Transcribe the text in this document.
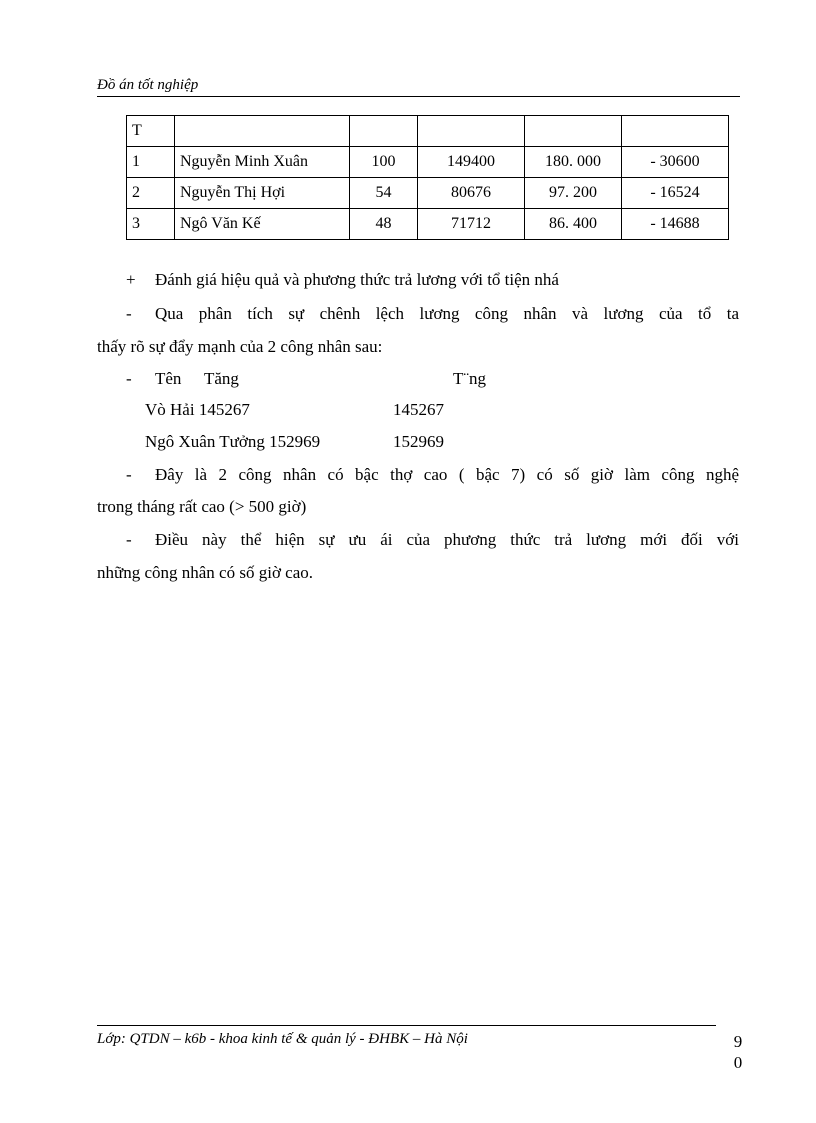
Đồ án tốt nghiệp
T					
1	Nguyễn Minh Xuân	100	149400	180. 000	- 30600
2	Nguyễn Thị Hợi	54	80676	97. 200	- 16524
3	Ngô Văn Kế	48	71712	86. 400	- 14688
+ Đánh giá hiệu quả và phương thức trả lương với tổ tiện nhá
- Qua phân tích sự chênh lệch lương công nhân và lương của tổ ta
thấy rõ sự đẩy mạnh của 2 công nhân sau:
- Tên Tăng	T¨ng
Vò Hải 145267	145267
Ngô Xuân Tưởng 152969	152969
- Đây là 2 công nhân có bậc thợ cao ( bậc 7) có số giờ làm công nghệ
trong tháng rất cao (> 500 giờ)
- Điều này thể hiện sự ưu ái của phương thức trả lương mới đối với
những công nhân có số giờ cao.
Lớp: QTDN – k6b - khoa kinh tế & quản lý - ĐHBK – Hà Nội	9
0
